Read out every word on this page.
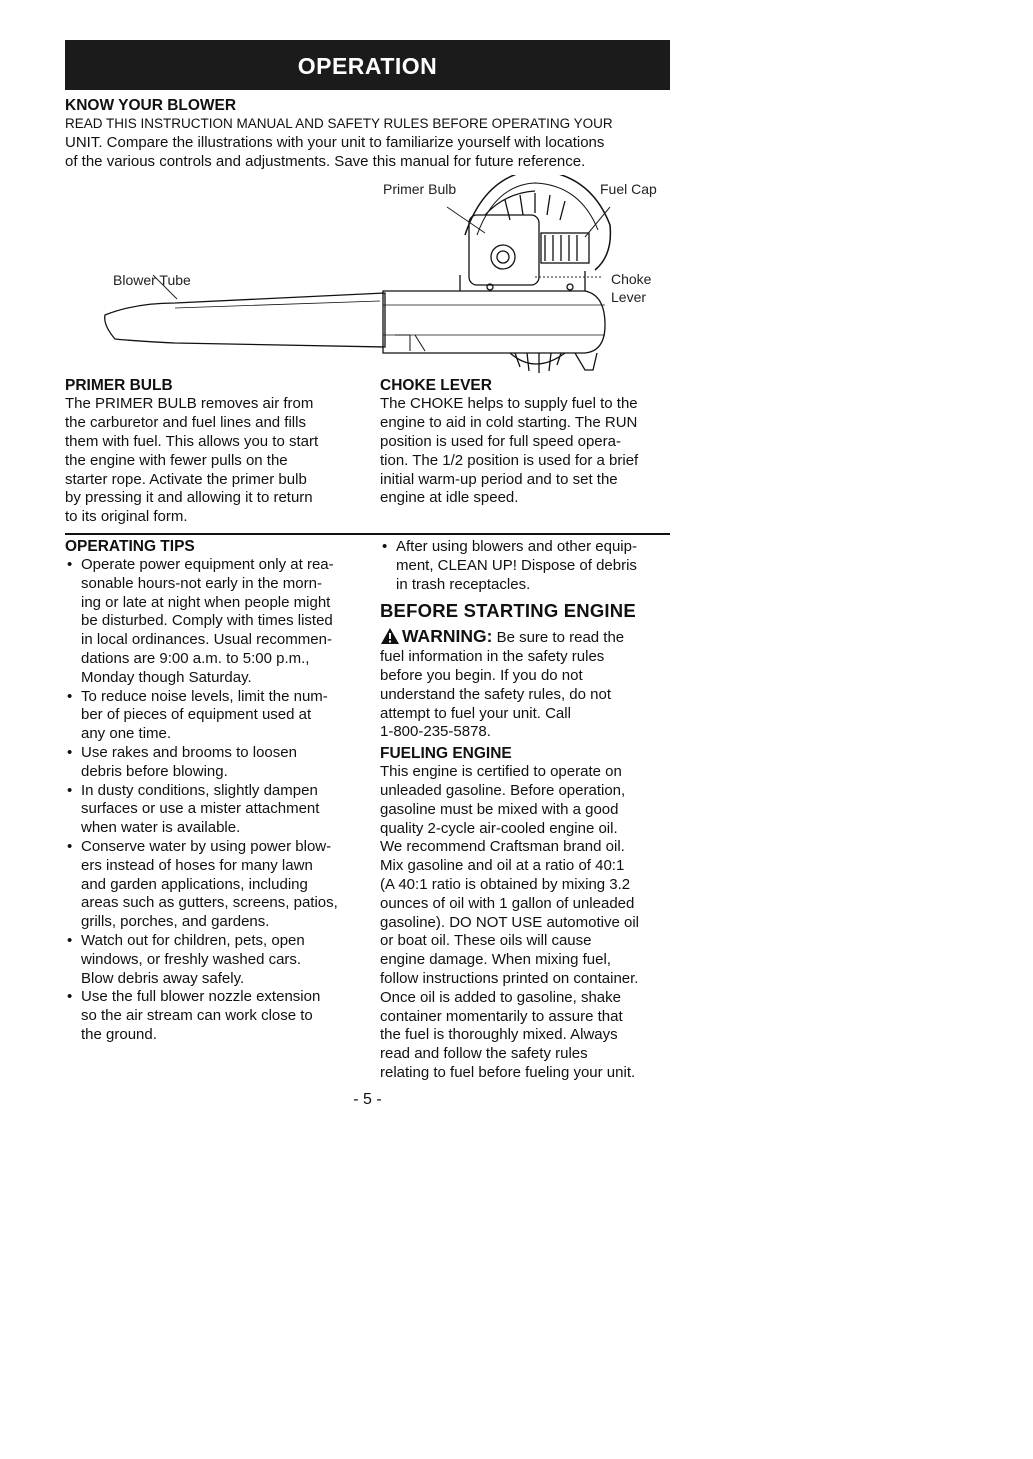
OPERATION

KNOW YOUR BLOWER

READ THIS INSTRUCTION MANUAL AND SAFETY RULES BEFORE OPERATING YOUR

UNIT. Compare the illustrations with your unit to familiarize yourself with locations

of the various controls and adjustments. Save this manual for future reference.

Primer Bulb	Fuel Cap
Blower Tube	Choke
Lever

PRIMER BULB

The PRIMER BULB removes air from

the carburetor and fuel lines and fills

them with fuel. This allows you to start

the engine with fewer pulls on the

starter rope. Activate the primer bulb

by pressing it and allowing it to return

to its original form.

CHOKE LEVER

The CHOKE helps to supply fuel to the

engine to aid in cold starting. The RUN

position is used for full speed opera-

tion. The 1/2 position is used for a brief

initial warm-up period and to set the

engine at idle speed.

OPERATING TIPS

• Operate power equipment only at rea-
sonable hours-not early in the morn-
ing or late at night when people might
be disturbed. Comply with times listed
in local ordinances. Usual recommen-
dations are 9:00 a.m. to 5:00 p.m.,
Monday though Saturday.
• To reduce noise levels, limit the num-
ber of pieces of equipment used at
any one time.
• Use rakes and brooms to loosen
debris before blowing.
• In dusty conditions, slightly dampen
surfaces or use a mister attachment
when water is available.
• Conserve water by using power blow-
ers instead of hoses for many lawn
and garden applications, including
areas such as gutters, screens, patios,
grills, porches, and gardens.
• Watch out for children, pets, open
windows, or freshly washed cars.
Blow debris away safely.
• Use the full blower nozzle extension
so the air stream can work close to
the ground.
• After using blowers and other equip-
ment, CLEAN UP! Dispose of debris
in trash receptacles.
BEFORE STARTING ENGINE
WARNING: Be sure to read the
fuel information in the safety rules
before you begin. If you do not
understand the safety rules, do not
attempt to fuel your unit. Call
1-800-235-5878.

FUELING ENGINE

This engine is certified to operate on
unleaded gasoline. Before operation,
gasoline must be mixed with a good
quality 2-cycle air-cooled engine oil.
We recommend Craftsman brand oil.
Mix gasoline and oil at a ratio of 40:1
(A 40:1 ratio is obtained by mixing 3.2
ounces of oil with 1 gallon of unleaded
gasoline). DO NOT USE automotive oil
or boat oil. These oils will cause
engine damage. When mixing fuel,
follow instructions printed on container.
Once oil is added to gasoline, shake
container momentarily to assure that
the fuel is thoroughly mixed. Always
read and follow the safety rules
relating to fuel before fueling your unit.
- 5 -
